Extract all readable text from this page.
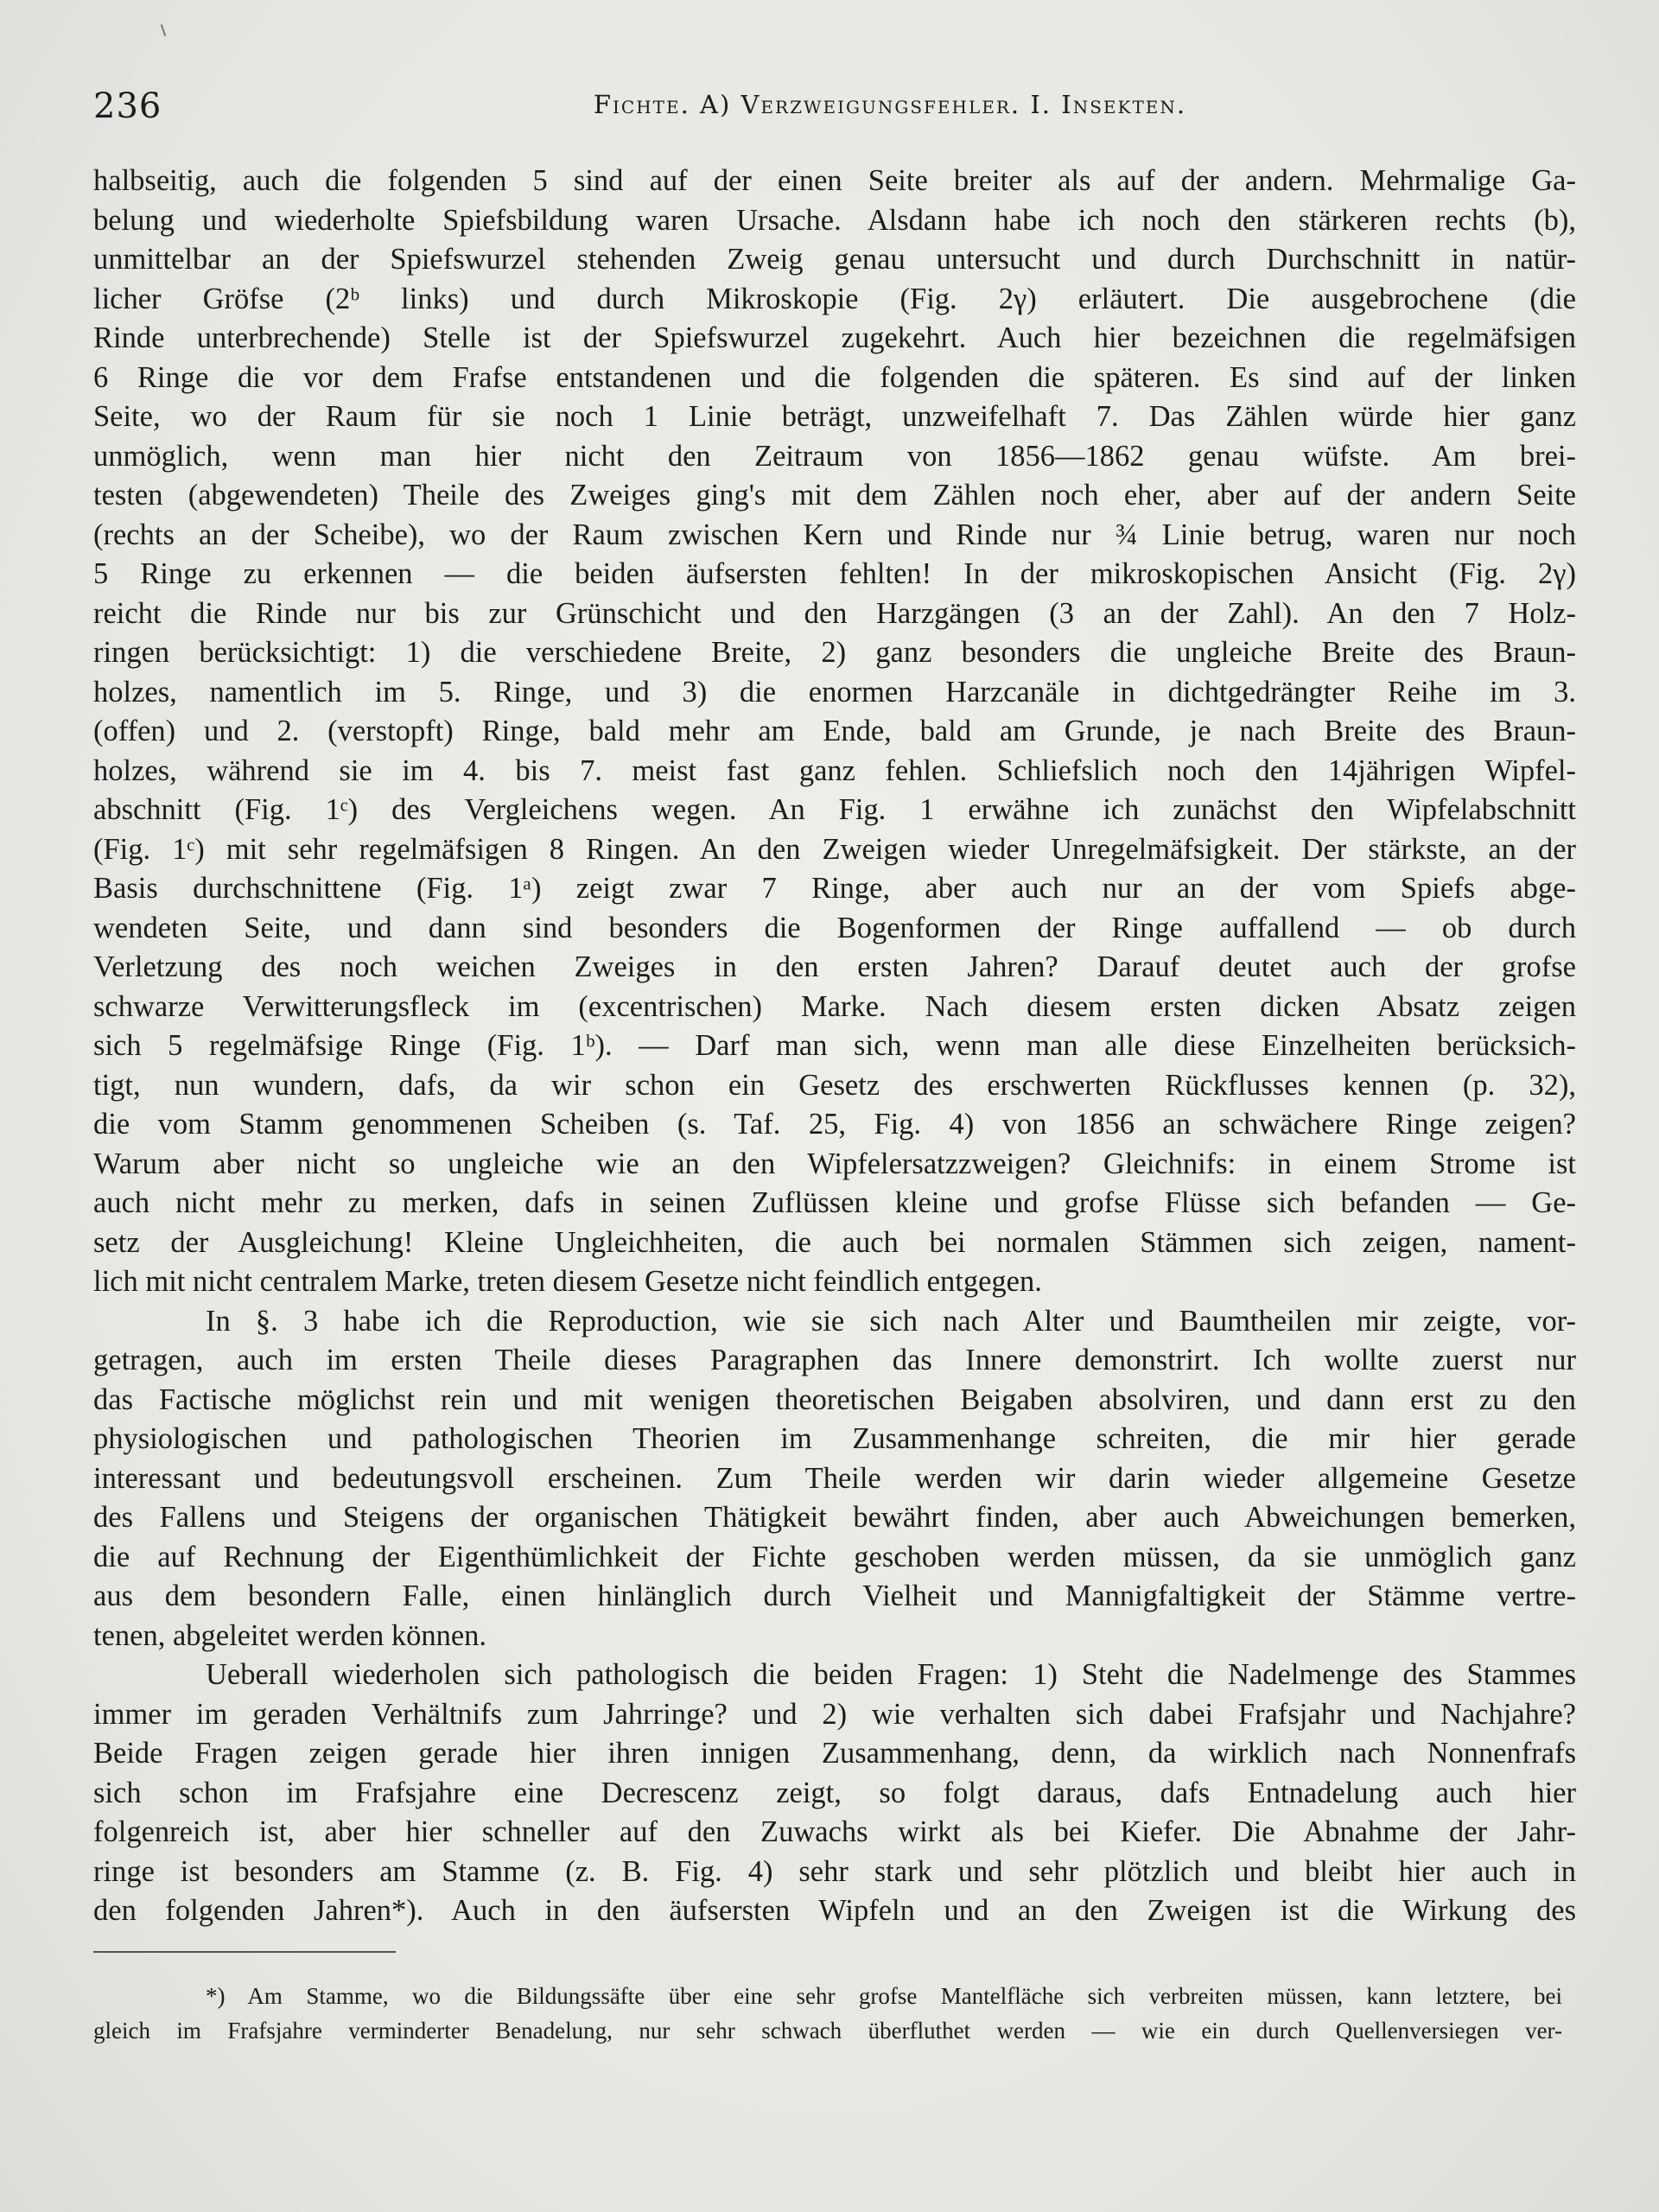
236	Fichte. A) Verzweigungsfehler. I. Insekten.
halbseitig, auch die folgenden 5 sind auf der einen Seite breiter als auf der andern. Mehrmalige Ga-
belung und wiederholte Spiefsbildung waren Ursache. Alsdann habe ich noch den stärkeren rechts (b),
unmittelbar an der Spiefswurzel stehenden Zweig genau untersucht und durch Durchschnitt in natür-
licher Gröfse (2ᵇ links) und durch Mikroskopie (Fig. 2γ) erläutert. Die ausgebrochene (die
Rinde unterbrechende) Stelle ist der Spiefswurzel zugekehrt. Auch hier bezeichnen die regelmäfsigen
6 Ringe die vor dem Frafse entstandenen und die folgenden die späteren. Es sind auf der linken
Seite, wo der Raum für sie noch 1 Linie beträgt, unzweifelhaft 7. Das Zählen würde hier ganz
unmöglich, wenn man hier nicht den Zeitraum von 1856—1862 genau wüfste. Am brei-
testen (abgewendeten) Theile des Zweiges ging's mit dem Zählen noch eher, aber auf der andern Seite
(rechts an der Scheibe), wo der Raum zwischen Kern und Rinde nur ¾ Linie betrug, waren nur noch
5 Ringe zu erkennen — die beiden äufsersten fehlten! In der mikroskopischen Ansicht (Fig. 2γ)
reicht die Rinde nur bis zur Grünschicht und den Harzgängen (3 an der Zahl). An den 7 Holz-
ringen berücksichtigt: 1) die verschiedene Breite, 2) ganz besonders die ungleiche Breite des Braun-
holzes, namentlich im 5. Ringe, und 3) die enormen Harzcanäle in dichtgedrängter Reihe im 3.
(offen) und 2. (verstopft) Ringe, bald mehr am Ende, bald am Grunde, je nach Breite des Braun-
holzes, während sie im 4. bis 7. meist fast ganz fehlen. Schliefslich noch den 14jährigen Wipfel-
abschnitt (Fig. 1ᶜ) des Vergleichens wegen. An Fig. 1 erwähne ich zunächst den Wipfelabschnitt
(Fig. 1ᶜ) mit sehr regelmäfsigen 8 Ringen. An den Zweigen wieder Unregelmäfsigkeit. Der stärkste, an der
Basis durchschnittene (Fig. 1ᵃ) zeigt zwar 7 Ringe, aber auch nur an der vom Spiefs abge-
wendeten Seite, und dann sind besonders die Bogenformen der Ringe auffallend — ob durch
Verletzung des noch weichen Zweiges in den ersten Jahren? Darauf deutet auch der grofse
schwarze Verwitterungsfleck im (excentrischen) Marke. Nach diesem ersten dicken Absatz zeigen
sich 5 regelmäfsige Ringe (Fig. 1ᵇ). — Darf man sich, wenn man alle diese Einzelheiten berücksich-
tigt, nun wundern, dafs, da wir schon ein Gesetz des erschwerten Rückflusses kennen (p. 32),
die vom Stamm genommenen Scheiben (s. Taf. 25, Fig. 4) von 1856 an schwächere Ringe zeigen?
Warum aber nicht so ungleiche wie an den Wipfelersatzzweigen? Gleichnifs: in einem Strome ist
auch nicht mehr zu merken, dafs in seinen Zuflüssen kleine und grofse Flüsse sich befanden — Ge-
setz der Ausgleichung! Kleine Ungleichheiten, die auch bei normalen Stämmen sich zeigen, nament-
lich mit nicht centralem Marke, treten diesem Gesetze nicht feindlich entgegen.
In §. 3 habe ich die Reproduction, wie sie sich nach Alter und Baumtheilen mir zeigte, vor-
getragen, auch im ersten Theile dieses Paragraphen das Innere demonstrirt. Ich wollte zuerst nur
das Factische möglichst rein und mit wenigen theoretischen Beigaben absolviren, und dann erst zu den
physiologischen und pathologischen Theorien im Zusammenhange schreiten, die mir hier gerade
interessant und bedeutungsvoll erscheinen. Zum Theile werden wir darin wieder allgemeine Gesetze
des Fallens und Steigens der organischen Thätigkeit bewährt finden, aber auch Abweichungen bemerken,
die auf Rechnung der Eigenthümlichkeit der Fichte geschoben werden müssen, da sie unmöglich ganz
aus dem besondern Falle, einen hinlänglich durch Vielheit und Mannigfaltigkeit der Stämme vertre-
tenen, abgeleitet werden können.
Ueberall wiederholen sich pathologisch die beiden Fragen: 1) Steht die Nadelmenge des Stammes
immer im geraden Verhältnifs zum Jahrringe? und 2) wie verhalten sich dabei Frafsjahr und Nachjahre?
Beide Fragen zeigen gerade hier ihren innigen Zusammenhang, denn, da wirklich nach Nonnenfrafs
sich schon im Frafsjahre eine Decrescenz zeigt, so folgt daraus, dafs Entnadelung auch hier
folgenreich ist, aber hier schneller auf den Zuwachs wirkt als bei Kiefer. Die Abnahme der Jahr-
ringe ist besonders am Stamme (z. B. Fig. 4) sehr stark und sehr plötzlich und bleibt hier auch in
den folgenden Jahren*). Auch in den äufsersten Wipfeln und an den Zweigen ist die Wirkung des
*) Am Stamme, wo die Bildungssäfte über eine sehr grofse Mantelfläche sich verbreiten müssen, kann letztere, bei
gleich im Frafsjahre verminderter Benadelung, nur sehr schwach überfluthet werden — wie ein durch Quellenversiegen ver-
